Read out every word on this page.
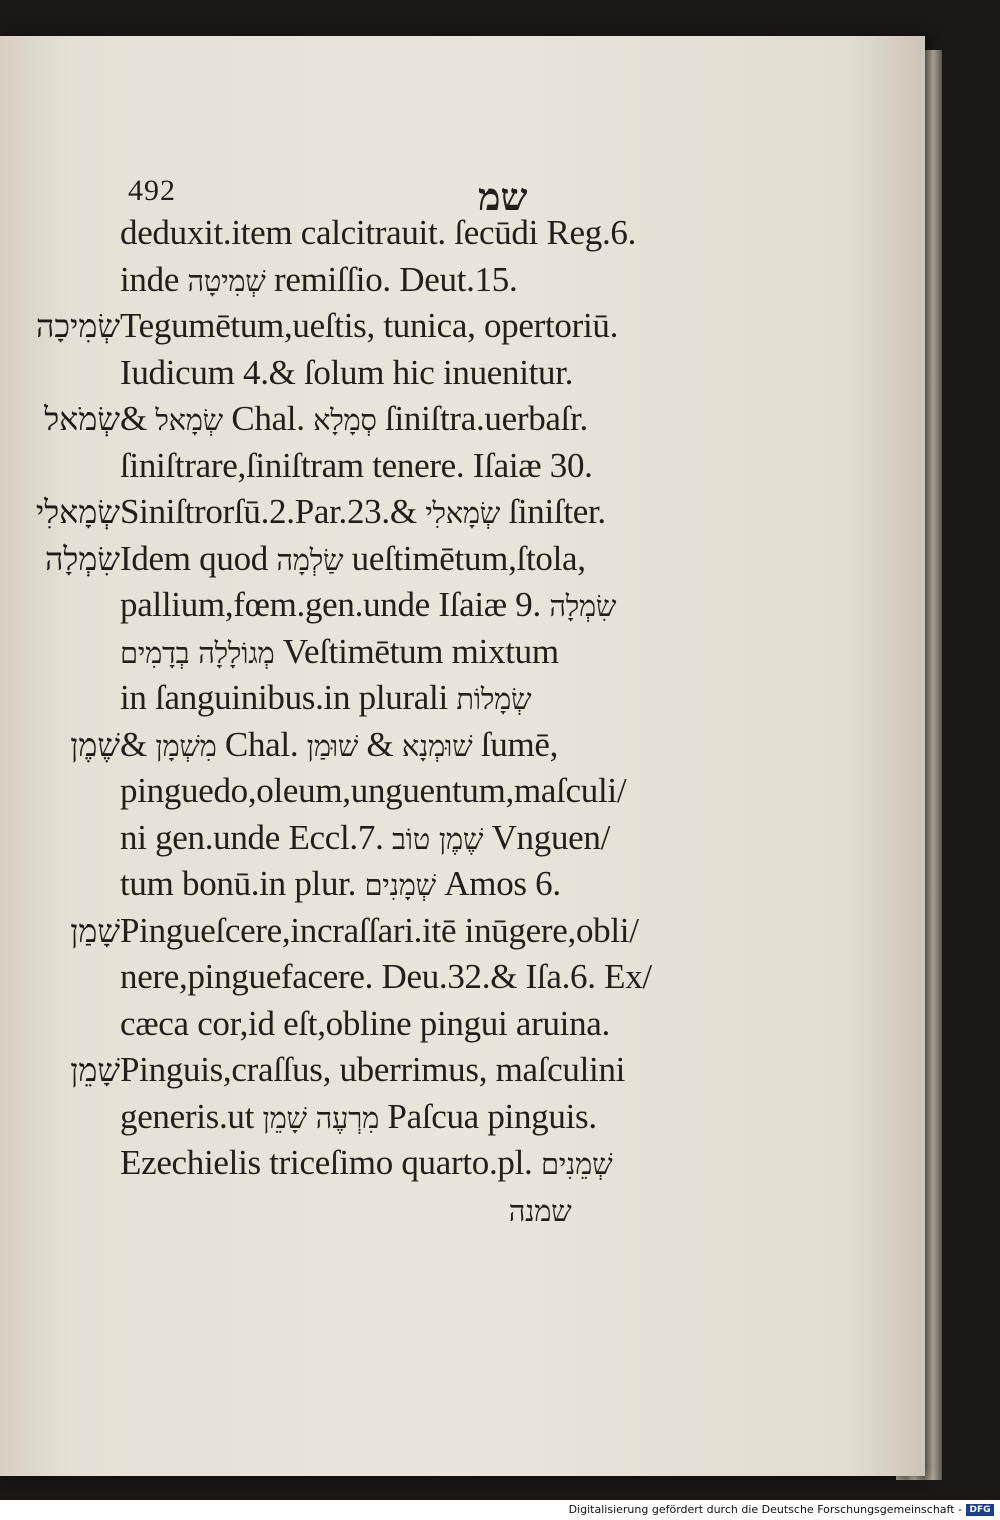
492	שמ
deduxit.item calcitrauit. ſecūdi Reg.6.
inde שְׁמִיטָה remiſſio. Deut.15.
שְׂמִיכָה Tegumētum,ueſtis, tunica, opertoriū.
Iudicum 4.& ſolum hic inuenitur.
שְׂמֹאל & שְׂמָאל Chal. סְמָלָא ſiniſtra.uerbaſr.
ſiniſtrare,ſiniſtram tenere. Iſaiæ 30.
שְׂמָאלִי Siniſtrorſū.2.Par.23.& שְׂמָאלִי ſiniſter.
שִׂמְלָה Idem quod שַׂלְמָה ueſtimētum,ſtola,
pallium,fœm.gen.unde Iſaiæ 9. שִׂמְלָה
מְגוֹלָלָה בְדָמִים Veſtimētum mixtum
in ſanguinibus.in plurali שְׂמָלוֹת
שֶׁמֶן & מִשְׁמָן Chal. שׁוּמַן & שׁוּמְנָא ſumē,
pinguedo,oleum,unguentum,maſculi/
ni gen.unde Eccl.7. שֶׁמֶן טוֹב Vnguen/
tum bonū.in plur. שְׁמָנִים Amos 6.
שָׁמַן Pingueſcere,incraſſari.itē inūgere,obli/
nere,pinguefacere. Deu.32.& Iſa.6. Ex/
cæca cor,id eſt,obline pingui aruina.
שָׁמֵן Pinguis,craſſus, uberrimus, maſculini
generis.ut מִרְעֶה שָׁמֵן Paſcua pinguis.
Ezechielis triceſimo quarto.pl. שְׁמֵנִים
שמנה
Digitalisierung gefördert durch die Deutsche Forschungsgemeinschaft - DFG
